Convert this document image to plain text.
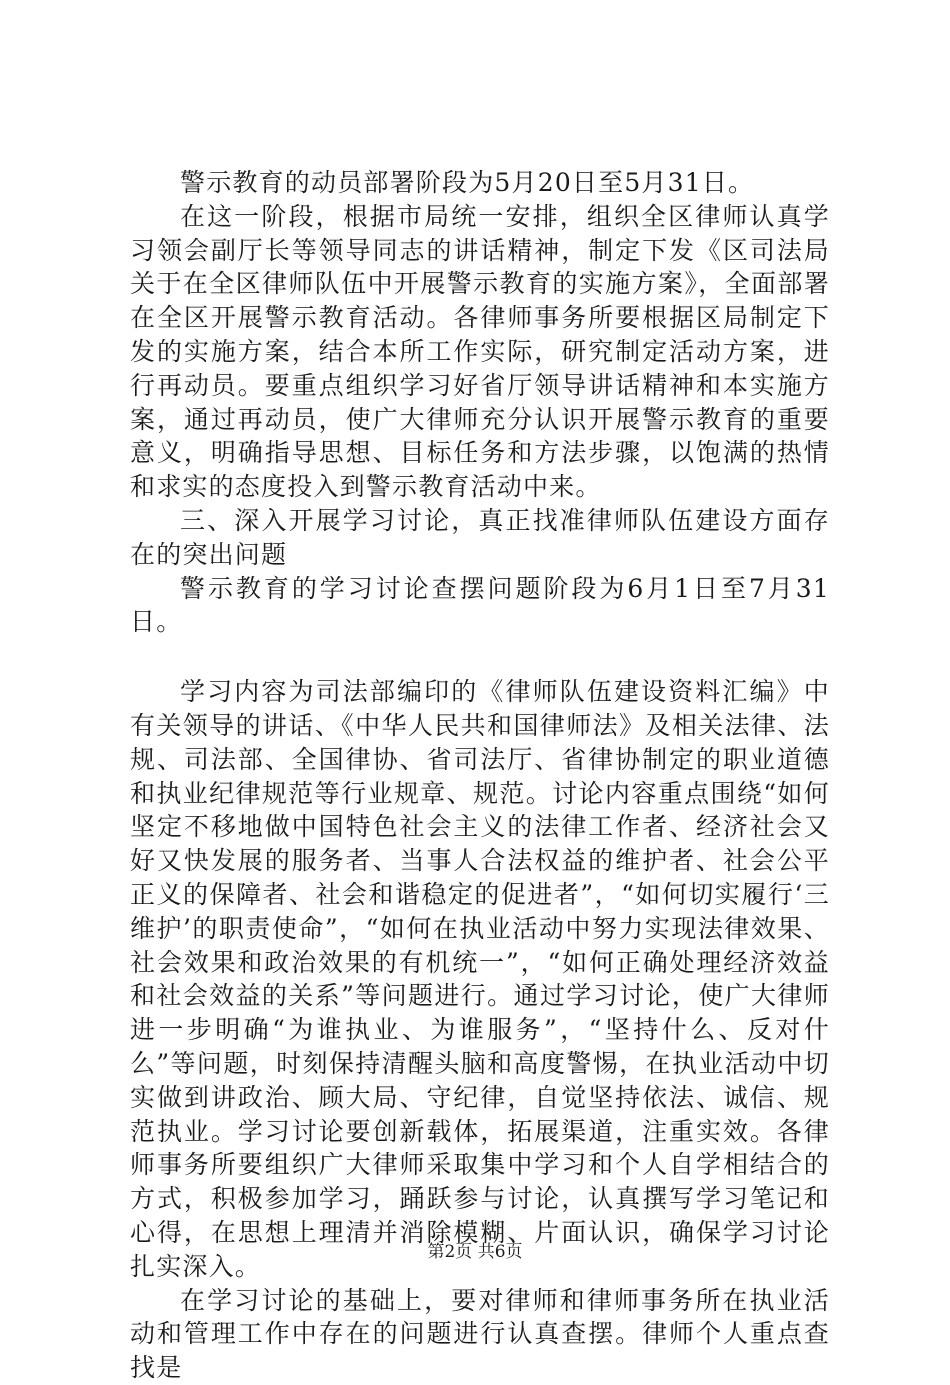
警示教育的动员部署阶段为5月20日至5月31日。

在这一阶段，根据市局统一安排，组织全区律师认真学习领会副厅长等领导同志的讲话精神，制定下发《区司法局关于在全区律师队伍中开展警示教育的实施方案》，全面部署在全区开展警示教育活动。各律师事务所要根据区局制定下发的实施方案，结合本所工作实际，研究制定活动方案，进行再动员。要重点组织学习好省厅领导讲话精神和本实施方案，通过再动员，使广大律师充分认识开展警示教育的重要意义，明确指导思想、目标任务和方法步骤，以饱满的热情和求实的态度投入到警示教育活动中来。

三、深入开展学习讨论，真正找准律师队伍建设方面存在的突出问题

警示教育的学习讨论查摆问题阶段为6月1日至7月31日。

学习内容为司法部编印的《律师队伍建设资料汇编》中有关领导的讲话、《中华人民共和国律师法》及相关法律、法规、司法部、全国律协、省司法厅、省律协制定的职业道德和执业纪律规范等行业规章、规范。讨论内容重点围绕“如何坚定不移地做中国特色社会主义的法律工作者、经济社会又好又快发展的服务者、当事人合法权益的维护者、社会公平正义的保障者、社会和谐稳定的促进者”，“如何切实履行‘三维护’的职责使命”，“如何在执业活动中努力实现法律效果、社会效果和政治效果的有机统一”，“如何正确处理经济效益和社会效益的关系”等问题进行。通过学习讨论，使广大律师进一步明确“为谁执业、为谁服务”，“坚持什么、反对什么”等问题，时刻保持清醒头脑和高度警惕，在执业活动中切实做到讲政治、顾大局、守纪律，自觉坚持依法、诚信、规范执业。学习讨论要创新载体，拓展渠道，注重实效。各律师事务所要组织广大律师采取集中学习和个人自学相结合的方式，积极参加学习，踊跃参与讨论，认真撰写学习笔记和心得，在思想上理清并消除模糊、片面认识，确保学习讨论扎实深入。

在学习讨论的基础上，要对律师和律师事务所在执业活动和管理工作中存在的问题进行认真查摆。律师个人重点查找是

第2页 共6页
